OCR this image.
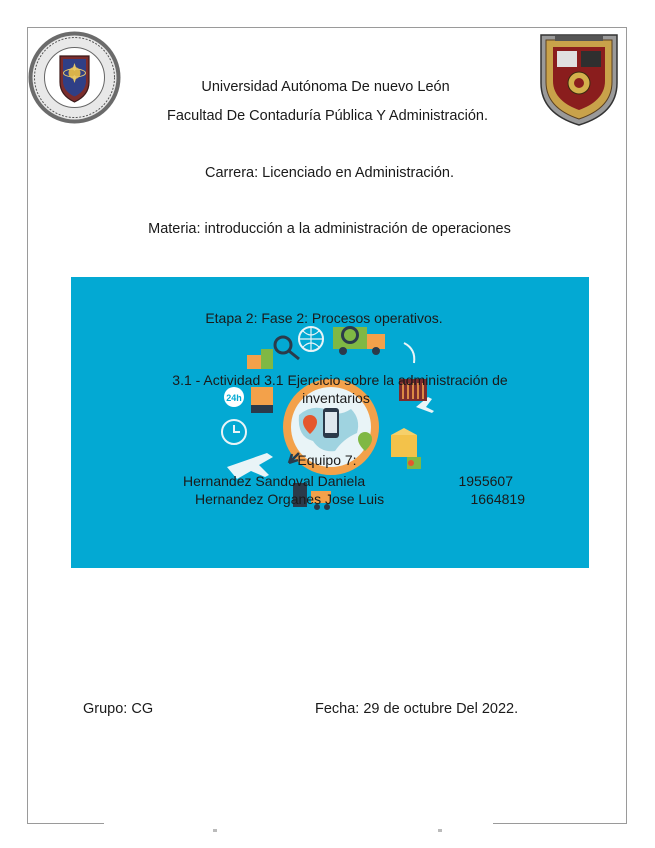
Universidad Autónoma De nuevo León
Facultad De Contaduría Pública Y Administración.
Carrera: Licenciado en Administración.
Materia: introducción a la administración de operaciones
24h
Etapa 2: Fase 2: Procesos operativos.
3.1 - Actividad 3.1 Ejercicio sobre la administración de
inventarios
Equipo 7:
Hernandez Sandoval Daniela	1955607
Hernandez Organes Jose Luis	1664819
Grupo: CG	Fecha: 29 de octubre Del 2022.
